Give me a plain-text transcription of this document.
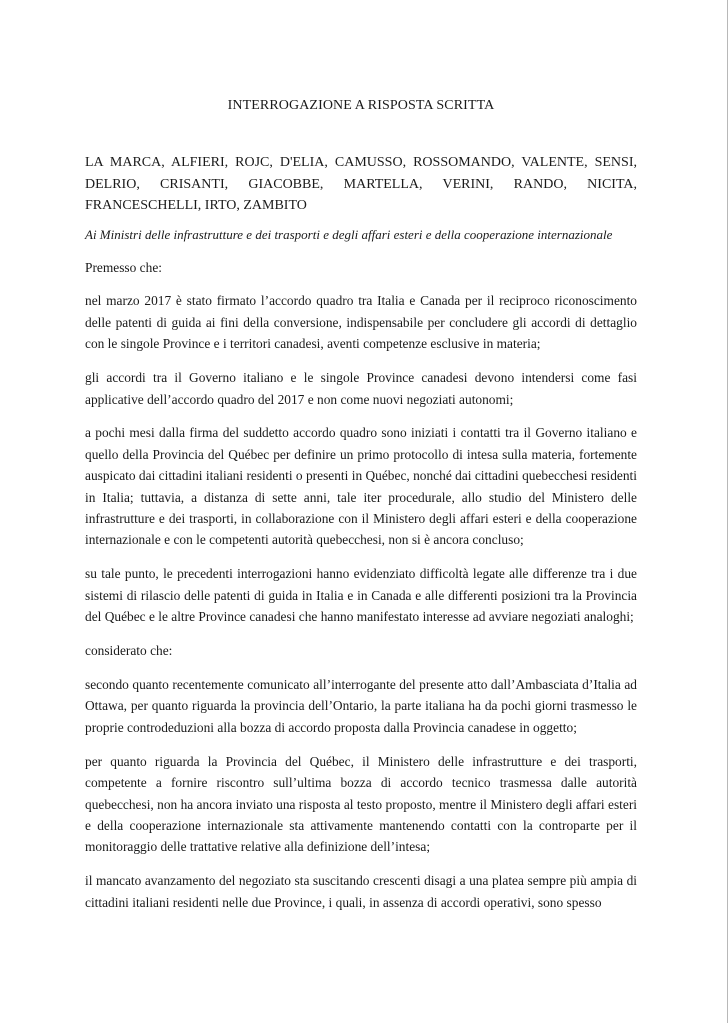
INTERROGAZIONE A RISPOSTA SCRITTA

LA MARCA, ALFIERI, ROJC, D'ELIA, CAMUSSO, ROSSOMANDO, VALENTE, SENSI, DELRIO, CRISANTI, GIACOBBE, MARTELLA, VERINI, RANDO, NICITA, FRANCESCHELLI, IRTO, ZAMBITO

Ai Ministri delle infrastrutture e dei trasporti e degli affari esteri e della cooperazione internazionale

Premesso che:

nel marzo 2017 è stato firmato l’accordo quadro tra Italia e Canada per il reciproco riconoscimento delle patenti di guida ai fini della conversione, indispensabile per concludere gli accordi di dettaglio con le singole Province e i territori canadesi, aventi competenze esclusive in materia;

gli accordi tra il Governo italiano e le singole Province canadesi devono intendersi come fasi applicative dell’accordo quadro del 2017 e non come nuovi negoziati autonomi;

a pochi mesi dalla firma del suddetto accordo quadro sono iniziati i contatti tra il Governo italiano e quello della Provincia del Québec per definire un primo protocollo di intesa sulla materia, fortemente auspicato dai cittadini italiani residenti o presenti in Québec, nonché dai cittadini quebecchesi residenti in Italia; tuttavia, a distanza di sette anni, tale iter procedurale, allo studio del Ministero delle infrastrutture e dei trasporti, in collaborazione con il Ministero degli affari esteri e della cooperazione internazionale e con le competenti autorità quebecchesi, non si è ancora concluso;

su tale punto, le precedenti interrogazioni hanno evidenziato difficoltà legate alle differenze tra i due sistemi di rilascio delle patenti di guida in Italia e in Canada e alle differenti posizioni tra la Provincia del Québec e le altre Province canadesi che hanno manifestato interesse ad avviare negoziati analoghi;

considerato che:

secondo quanto recentemente comunicato all’interrogante del presente atto dall’Ambasciata d’Italia ad Ottawa, per quanto riguarda la provincia dell’Ontario, la parte italiana ha da pochi giorni trasmesso le proprie controdeduzioni alla bozza di accordo proposta dalla Provincia canadese in oggetto;

per quanto riguarda la Provincia del Québec, il Ministero delle infrastrutture e dei trasporti, competente a fornire riscontro sull’ultima bozza di accordo tecnico trasmessa dalle autorità quebecchesi, non ha ancora inviato una risposta al testo proposto, mentre il Ministero degli affari esteri e della cooperazione internazionale sta attivamente mantenendo contatti con la controparte per il monitoraggio delle trattative relative alla definizione dell’intesa;

il mancato avanzamento del negoziato sta suscitando crescenti disagi a una platea sempre più ampia di cittadini italiani residenti nelle due Province, i quali, in assenza di accordi operativi, sono spesso
